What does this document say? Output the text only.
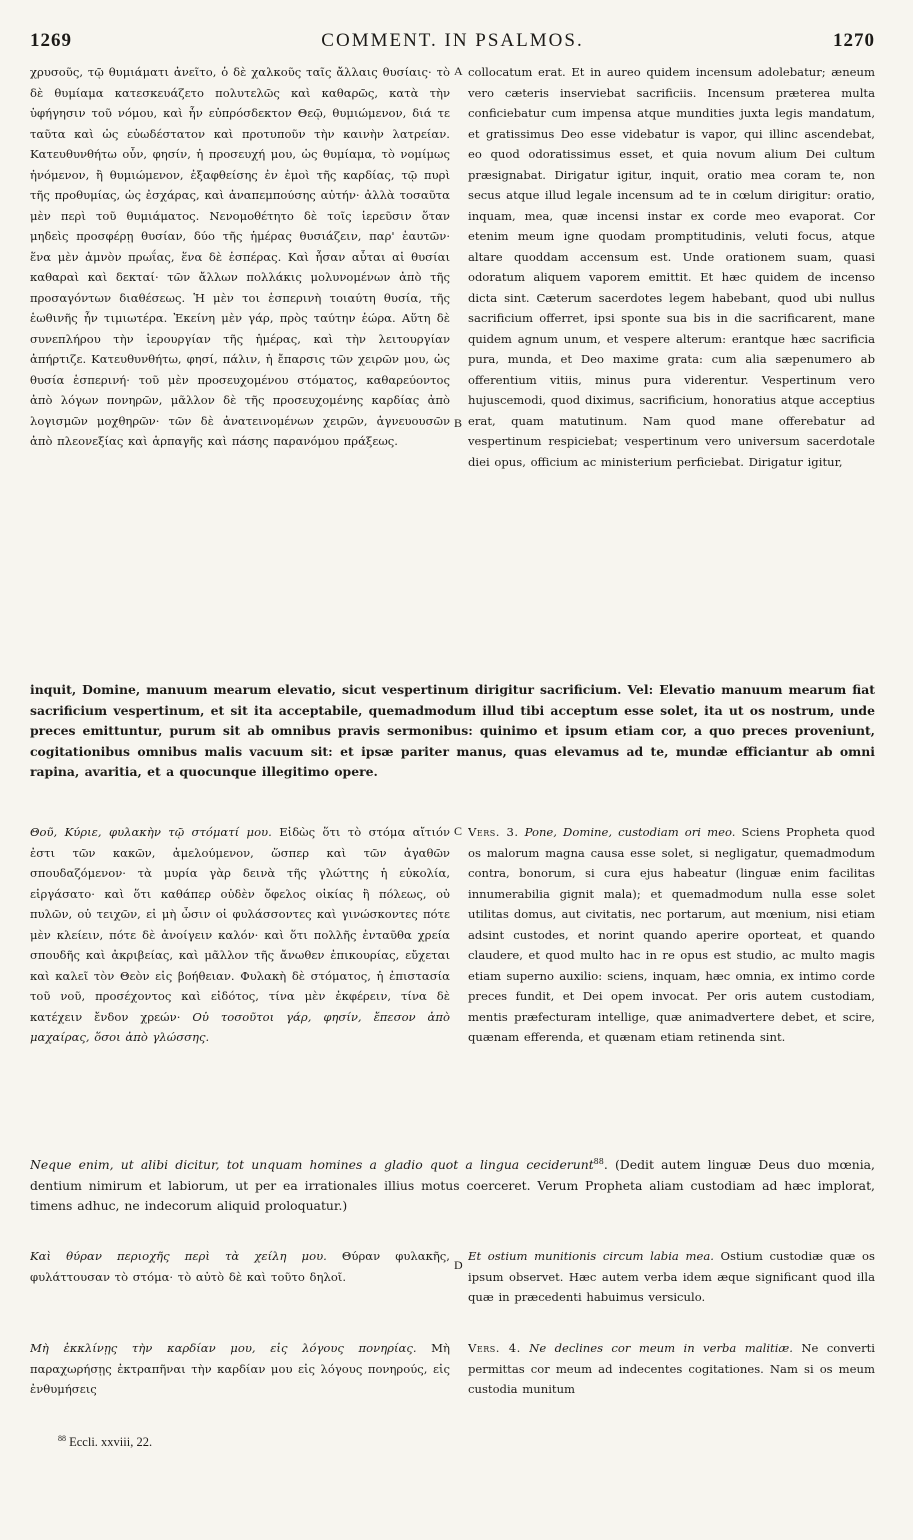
1269	COMMENT. IN PSALMOS.	1270
χρυσοῦς, τῷ θυμιάματι ἀνεῖτο, ὁ δὲ χαλκοῦς ταῖς ἄλλαις θυσίαις· τὸ δὲ θυμίαμα κατεσκευάζετο πολυτελῶς καὶ καθαρῶς, κατὰ τὴν ὑφήγησιν τοῦ νόμου, καὶ ἦν εὐπρόσδεκτον Θεῷ, θυμιώμενον, διά τε ταῦτα καὶ ὡς εὐωδέστατον καὶ προτυποῦν τὴν καινὴν λατρείαν. Κατευθυνθήτω οὖν, φησίν, ἡ προσευχή μου, ὡς θυμίαμα, τὸ νομίμως ἠνόμενον, ἢ θυμιώμενον, ἐξαφθείσης ἐν ἐμοὶ τῆς καρδίας, τῷ πυρὶ τῆς προθυμίας, ὡς ἐσχάρας, καὶ ἀναπεμπούσης αὐτήν· ἀλλὰ τοσαῦτα μὲν περὶ τοῦ θυμιάματος. Νενομοθέτητο δὲ τοῖς ἱερεῦσιν ὅταν μηδεὶς προσφέρῃ θυσίαν, δύο τῆς ἡμέρας θυσιάζειν, παρ' ἑαυτῶν· ἕνα μὲν ἀμνὸν πρωΐας, ἕνα δὲ ἑσπέρας. Καὶ ἦσαν αὗται αἱ θυσίαι καθαραὶ καὶ δεκταί· τῶν ἄλλων πολλάκις μολυνομένων ἀπὸ τῆς προσαγόντων διαθέσεως. Ἡ μὲν τοι ἑσπερινὴ τοιαύτη θυσία, τῆς ἑωθινῆς ἦν τιμιωτέρα. Ἐκείνη μὲν γάρ, πρὸς ταύτην ἑώρα. Αὕτη δὲ συνεπλήρου τὴν ἱερουργίαν τῆς ἡμέρας, καὶ τὴν λειτουργίαν ἀπήρτιζε. Κατευθυνθήτω, φησί, πάλιν, ἡ ἔπαρσις τῶν χειρῶν μου, ὡς θυσία ἑσπερινή· τοῦ μὲν προσευχομένου στόματος, καθαρεύοντος ἀπὸ λόγων πονηρῶν, μᾶλλον δὲ τῆς προσευχομένης καρδίας ἀπὸ λογισμῶν μοχθηρῶν· τῶν δὲ ἀνατεινομένων χειρῶν, ἁγνευουσῶν ἀπὸ πλεονεξίας καὶ ἁρπαγῆς καὶ πάσης παρανόμου πράξεως.
collocatum erat. Et in aureo quidem incensum adolebatur; æneum vero cæteris inserviebat sacrificiis. Incensum præterea multa conficiebatur cum impensa atque mundities juxta legis mandatum, et gratissimus Deo esse videbatur is vapor, qui illinc ascendebat, eo quod odoratissimus esset, et quia novum alium Dei cultum præsignabat. Dirigatur igitur, inquit, oratio mea coram te, non secus atque illud legale incensum ad te in cœlum dirigitur: oratio, inquam, mea, quæ incensi instar ex corde meo evaporat. Cor etenim meum igne quodam promptitudinis, veluti focus, atque altare quoddam accensum est. Unde orationem suam, quasi odoratum aliquem vaporem emittit. Et hæc quidem de incenso dicta sint. Cæterum sacerdotes legem habebant, quod ubi nullus sacrificium offerret, ipsi sponte sua bis in die sacrificarent, mane quidem agnum unum, et vespere alterum: erantque hæc sacrificia pura, munda, et Deo maxime grata: cum alia sæpenumero ab offerentium vitiis, minus pura viderentur. Vespertinum vero hujuscemodi, quod diximus, sacrificium, honoratius atque acceptius erat, quam matutinum. Nam quod mane offerebatur ad vespertinum respiciebat; vespertinum vero universum sacerdotale diei opus, officium ac ministerium perficiebat. Dirigatur igitur,
A
B
inquit, Domine, manuum mearum elevatio, sicut vespertinum dirigitur sacrificium. Vel: Elevatio manuum mearum fiat sacrificium vespertinum, et sit ita acceptabile, quemadmodum illud tibi acceptum esse solet, ita ut os nostrum, unde preces emittuntur, purum sit ab omnibus pravis sermonibus: quinimo et ipsum etiam cor, a quo preces proveniunt, cogitationibus omnibus malis vacuum sit: et ipsæ pariter manus, quas elevamus ad te, mundæ efficiantur ab omni rapina, avaritia, et a quocunque illegitimo opere.
Θοῦ, Κύριε, φυλακὴν τῷ στόματί μου. Εἰδὼς ὅτι τὸ στόμα αἴτιόν ἐστι τῶν κακῶν, ἀμελούμενον, ὥσπερ καὶ τῶν ἀγαθῶν σπουδαζόμενον· τὰ μυρία γὰρ δεινὰ τῆς γλώττης ἡ εὐκολία, εἰργάσατο· καὶ ὅτι καθάπερ οὐδὲν ὄφελος οἰκίας ἢ πόλεως, οὐ πυλῶν, οὐ τειχῶν, εἰ μὴ ὦσιν οἱ φυλάσσοντες καὶ γινώσκοντες πότε μὲν κλείειν, πότε δὲ ἀνοίγειν καλόν· καὶ ὅτι πολλῆς ἐνταῦθα χρεία σπουδῆς καὶ ἀκριβείας, καὶ μᾶλλον τῆς ἄνωθεν ἐπικουρίας, εὔχεται καὶ καλεῖ τὸν Θεὸν εἰς βοήθειαν. Φυλακὴ δὲ στόματος, ἡ ἐπιστασία τοῦ νοῦ, προσέχοντος καὶ εἰδότος, τίνα μὲν ἐκφέρειν, τίνα δὲ κατέχειν ἔνδον χρεών· Οὐ τοσοῦτοι γάρ, φησίν, ἔπεσον ἀπὸ μαχαίρας, ὅσοι ἀπὸ γλώσσης.
Vers. 3. Pone, Domine, custodiam ori meo. Sciens Propheta quod os malorum magna causa esse solet, si negligatur, quemadmodum contra, bonorum, si cura ejus habeatur (linguæ enim facilitas innumerabilia gignit mala); et quemadmodum nulla esse solet utilitas domus, aut civitatis, nec portarum, aut mœnium, nisi etiam adsint custodes, et norint quando aperire oporteat, et quando claudere, et quod multo hac in re opus est studio, ac multo magis etiam superno auxilio: sciens, inquam, hæc omnia, ex intimo corde preces fundit, et Dei opem invocat. Per oris autem custodiam, mentis præfecturam intellige, quæ animadvertere debet, et scire, quænam efferenda, et quænam etiam retinenda sint.
C
Neque enim, ut alibi dicitur, tot unquam homines a gladio quot a lingua ceciderunt$^{88}$. (Dedit autem linguæ Deus duo mœnia, dentium nimirum et labiorum, ut per ea irrationales illius motus coerceret. Verum Propheta aliam custodiam ad hæc implorat, timens adhuc, ne indecorum aliquid proloquatur.)
Καὶ θύραν περιοχῆς περὶ τὰ χείλη μου. Θύραν φυλακῆς, φυλάττουσαν τὸ στόμα· τὸ αὐτὸ δὲ καὶ τοῦτο δηλοῖ.
Et ostium munitionis circum labia mea. Ostium custodiæ quæ os ipsum observet. Hæc autem verba idem æque significant quod illa quæ in præcedenti habuimus versiculo.
D
Μὴ ἐκκλίνῃς τὴν καρδίαν μου, εἰς λόγους πονηρίας. Μὴ παραχωρήσῃς ἐκτραπῆναι τὴν καρδίαν μου εἰς λόγους πονηρούς, εἰς ἐνθυμήσεις
Vers. 4. Ne declines cor meum in verba malitiæ. Ne converti permittas cor meum ad indecentes cogitationes. Nam si os meum custodia munitum
$^{88}$ Eccli. xxviii, 22.
